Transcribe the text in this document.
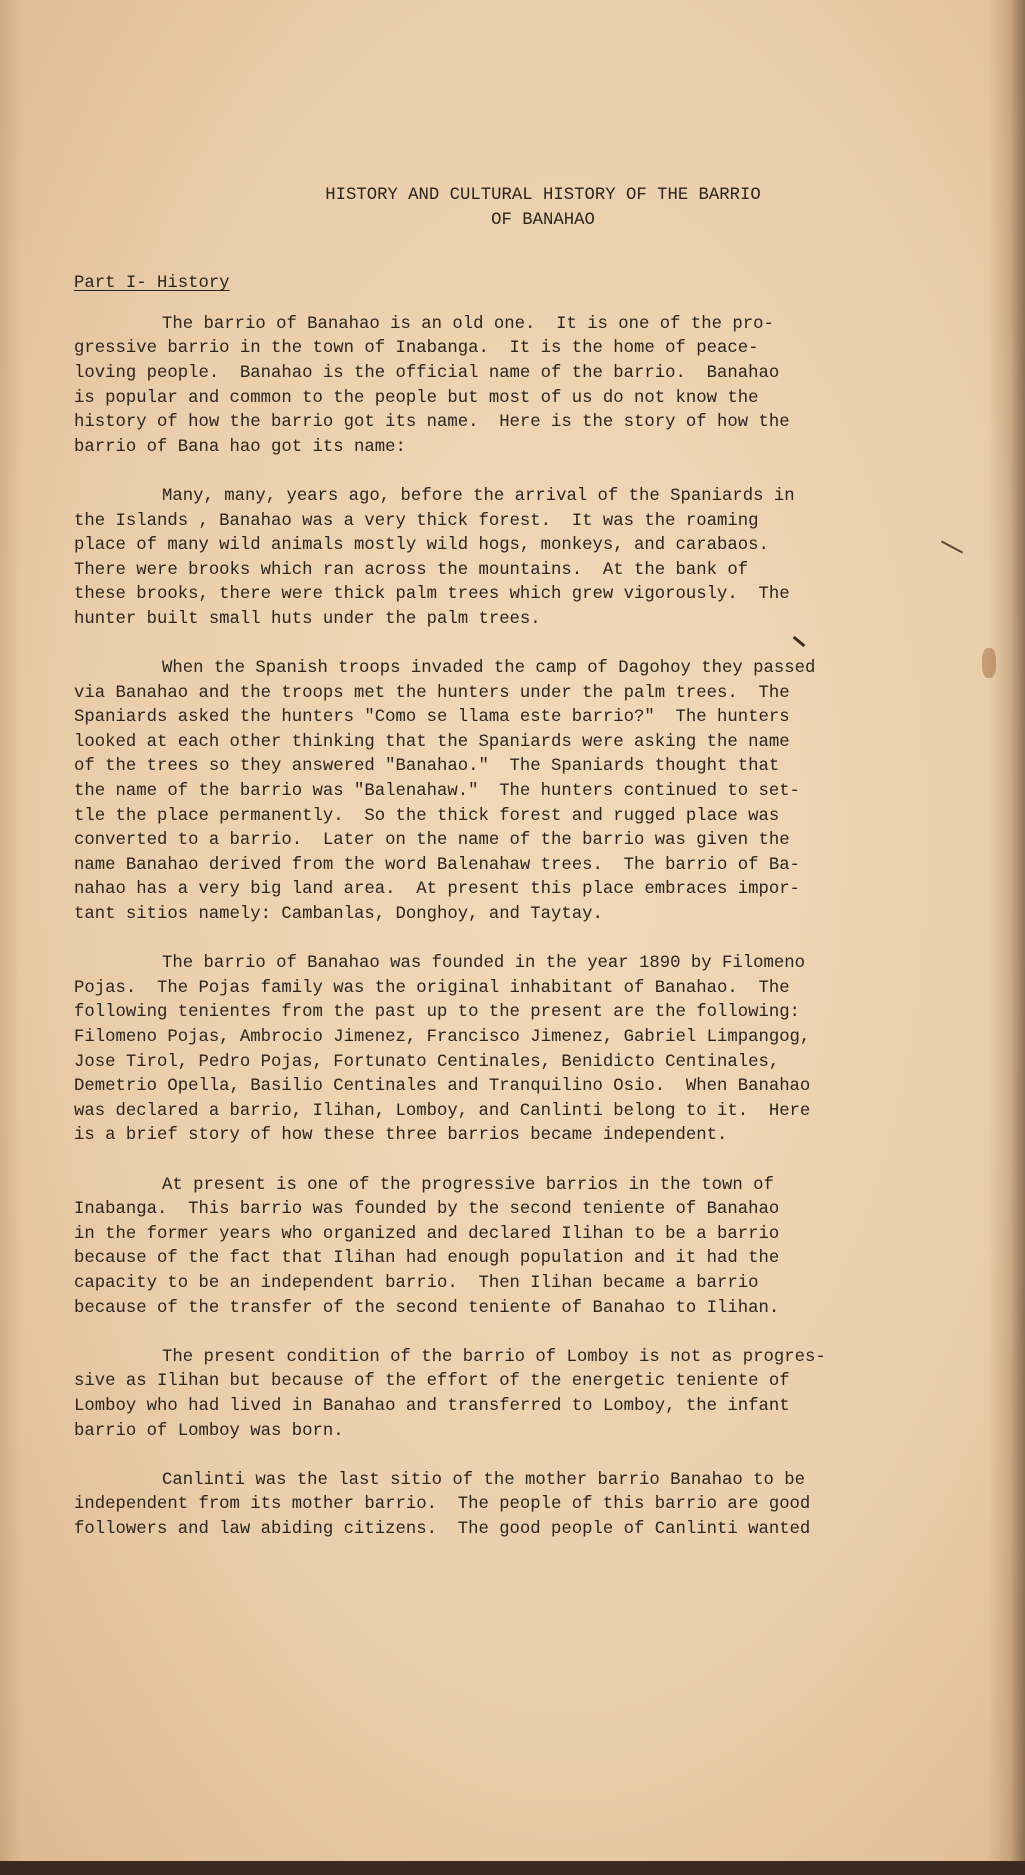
HISTORY AND CULTURAL HISTORY OF THE BARRIO
OF BANAHAO
Part I- History
The barrio of Banahao is an old one.  It is one of the pro-
gressive barrio in the town of Inabanga.  It is the home of peace-
loving people.  Banahao is the official name of the barrio.  Banahao
is popular and common to the people but most of us do not know the
history of how the barrio got its name.  Here is the story of how the
barrio of Bana hao got its name:
Many, many, years ago, before the arrival of the Spaniards in
the Islands , Banahao was a very thick forest.  It was the roaming
place of many wild animals mostly wild hogs, monkeys, and carabaos.
There were brooks which ran across the mountains.  At the bank of
these brooks, there were thick palm trees which grew vigorously.  The
hunter built small huts under the palm trees.
When the Spanish troops invaded the camp of Dagohoy they passed
via Banahao and the troops met the hunters under the palm trees.  The
Spaniards asked the hunters "Como se llama este barrio?"  The hunters
looked at each other thinking that the Spaniards were asking the name
of the trees so they answered "Banahao."  The Spaniards thought that
the name of the barrio was "Balenahaw."  The hunters continued to set-
tle the place permanently.  So the thick forest and rugged place was
converted to a barrio.  Later on the name of the barrio was given the
name Banahao derived from the word Balenahaw trees.  The barrio of Ba-
nahao has a very big land area.  At present this place embraces impor-
tant sitios namely: Cambanlas, Donghoy, and Taytay.
The barrio of Banahao was founded in the year 1890 by Filomeno
Pojas.  The Pojas family was the original inhabitant of Banahao.  The
following tenientes from the past up to the present are the following:
Filomeno Pojas, Ambrocio Jimenez, Francisco Jimenez, Gabriel Limpangog,
Jose Tirol, Pedro Pojas, Fortunato Centinales, Benidicto Centinales,
Demetrio Opella, Basilio Centinales and Tranquilino Osio.  When Banahao
was declared a barrio, Ilihan, Lomboy, and Canlinti belong to it.  Here
is a brief story of how these three barrios became independent.
At present is one of the progressive barrios in the town of
Inabanga.  This barrio was founded by the second teniente of Banahao
in the former years who organized and declared Ilihan to be a barrio
because of the fact that Ilihan had enough population and it had the
capacity to be an independent barrio.  Then Ilihan became a barrio
because of the transfer of the second teniente of Banahao to Ilihan.
The present condition of the barrio of Lomboy is not as progres-
sive as Ilihan but because of the effort of the energetic teniente of
Lomboy who had lived in Banahao and transferred to Lomboy, the infant
barrio of Lomboy was born.
Canlinti was the last sitio of the mother barrio Banahao to be
independent from its mother barrio.  The people of this barrio are good
followers and law abiding citizens.  The good people of Canlinti wanted
